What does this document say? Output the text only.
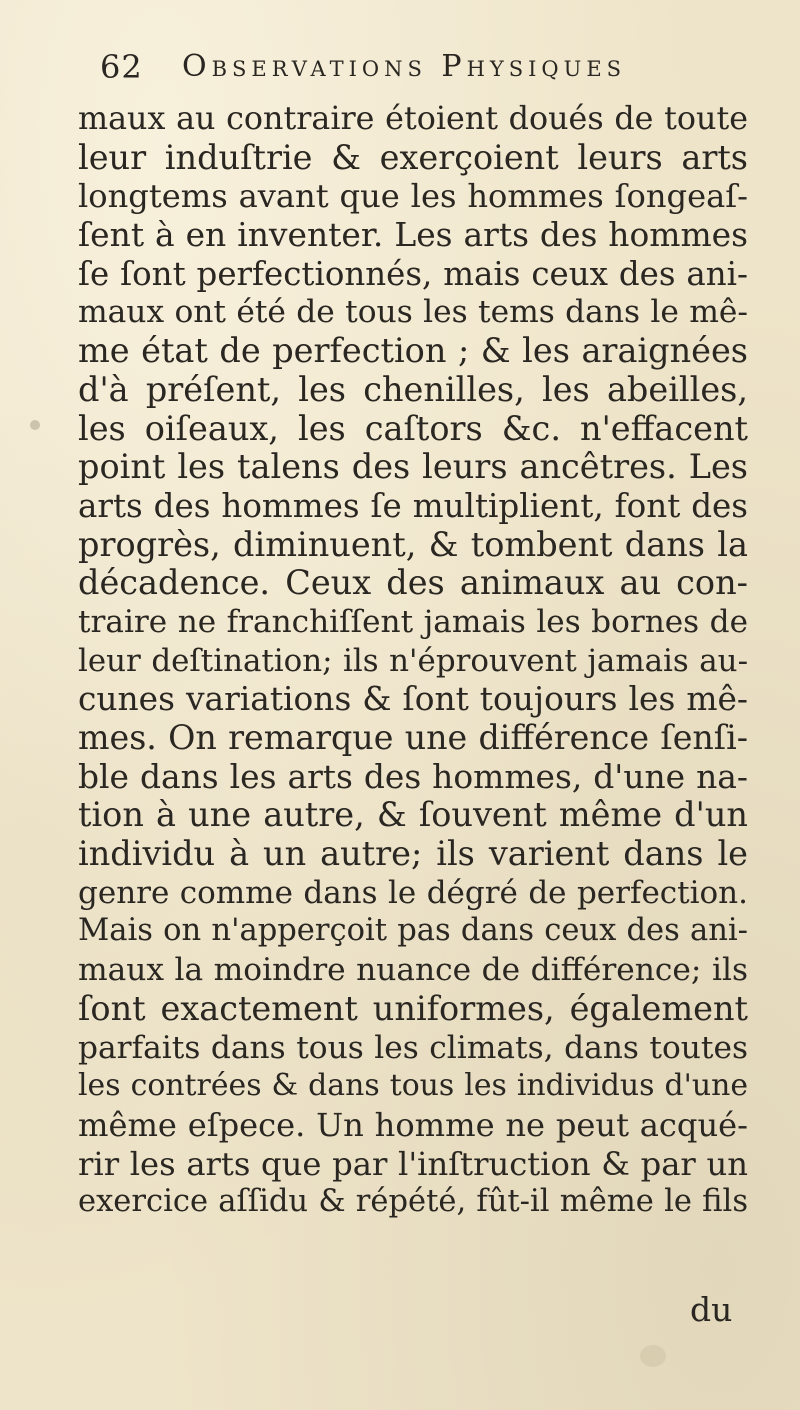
62 Observations Physiques
maux au contraire étoient doués de toute
leur induſtrie & exerçoient leurs arts
longtems avant que les hommes ſongeaſ-
ſent à en inventer. Les arts des hommes
ſe ſont perfectionnés, mais ceux des ani-
maux ont été de tous les tems dans le mê-
me état de perfection ; & les araignées
d'à préſent, les chenilles, les abeilles,
les oiſeaux, les caſtors &c. n'effacent
point les talens des leurs ancêtres. Les
arts des hommes ſe multiplient, font des
progrès, diminuent, & tombent dans la
décadence. Ceux des animaux au con-
traire ne franchiſſent jamais les bornes de
leur deſtination; ils n'éprouvent jamais au-
cunes variations & ſont toujours les mê-
mes. On remarque une différence ſenſi-
ble dans les arts des hommes, d'une na-
tion à une autre, & ſouvent même d'un
individu à un autre; ils varient dans le
genre comme dans le dégré de perfection.
Mais on n'apperçoit pas dans ceux des ani-
maux la moindre nuance de différence; ils
ſont exactement uniformes, également
parfaits dans tous les climats, dans toutes
les contrées & dans tous les individus d'une
même eſpece. Un homme ne peut acqué-
rir les arts que par l'inſtruction & par un
exercice aſſidu & répété, fût-il même le fils
du
